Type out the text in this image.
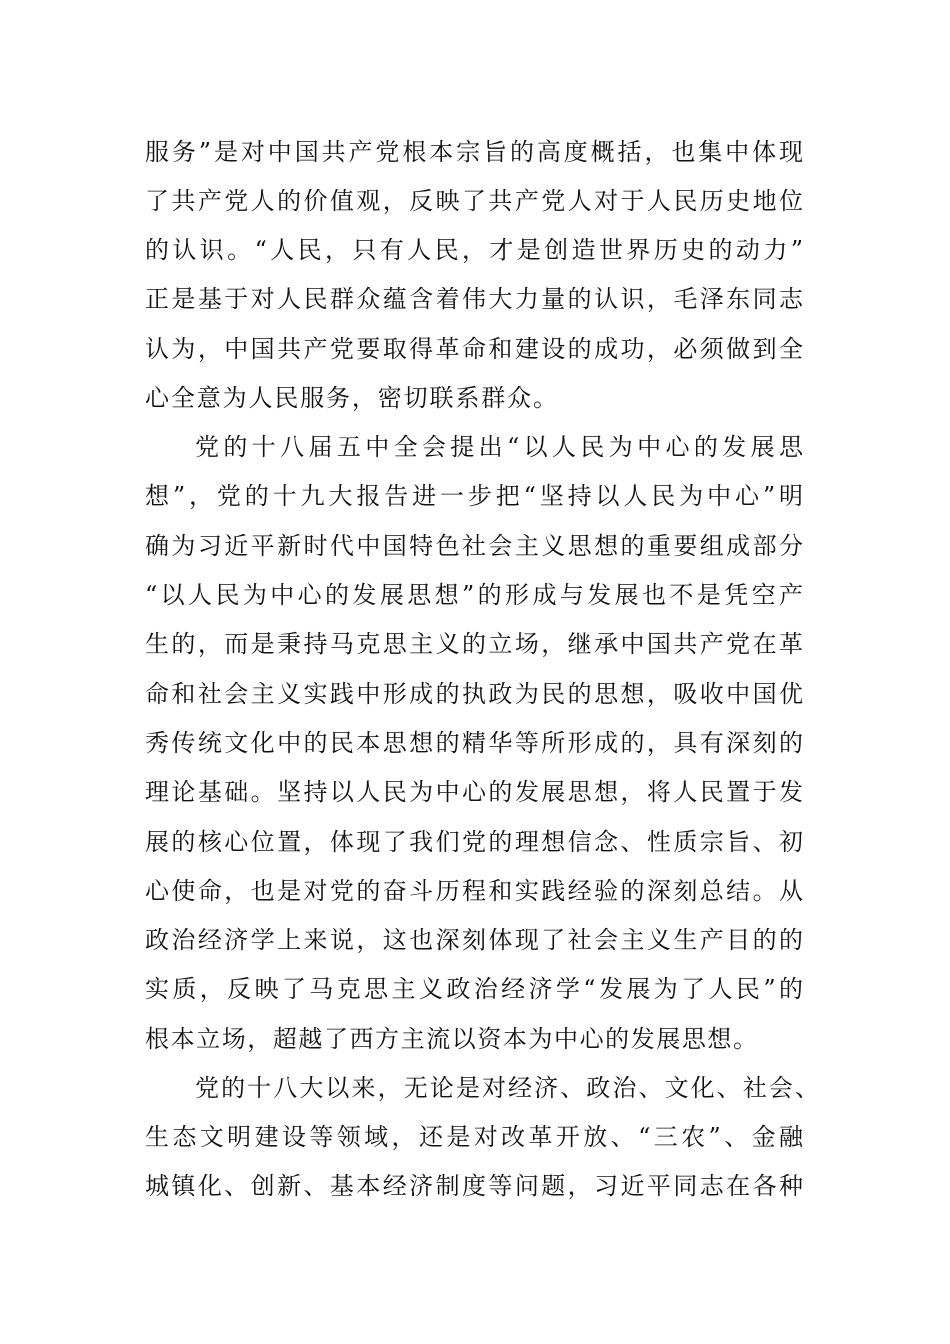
服务”是对中国共产党根本宗旨的高度概括，也集中体现
了共产党人的价值观，反映了共产党人对于人民历史地位
的认识。“人民，只有人民，才是创造世界历史的动力”
正是基于对人民群众蕴含着伟大力量的认识，毛泽东同志
认为，中国共产党要取得革命和建设的成功，必须做到全
心全意为人民服务，密切联系群众。
党的十八届五中全会提出“以人民为中心的发展思
想”，党的十九大报告进一步把“坚持以人民为中心”明
确为习近平新时代中国特色社会主义思想的重要组成部分
“以人民为中心的发展思想”的形成与发展也不是凭空产
生的，而是秉持马克思主义的立场，继承中国共产党在革
命和社会主义实践中形成的执政为民的思想，吸收中国优
秀传统文化中的民本思想的精华等所形成的，具有深刻的
理论基础。坚持以人民为中心的发展思想，将人民置于发
展的核心位置，体现了我们党的理想信念、性质宗旨、初
心使命，也是对党的奋斗历程和实践经验的深刻总结。从
政治经济学上来说，这也深刻体现了社会主义生产目的的
实质，反映了马克思主义政治经济学“发展为了人民”的
根本立场，超越了西方主流以资本为中心的发展思想。
党的十八大以来，无论是对经济、政治、文化、社会、
生态文明建设等领域，还是对改革开放、“三农”、金融
城镇化、创新、基本经济制度等问题，习近平同志在各种
